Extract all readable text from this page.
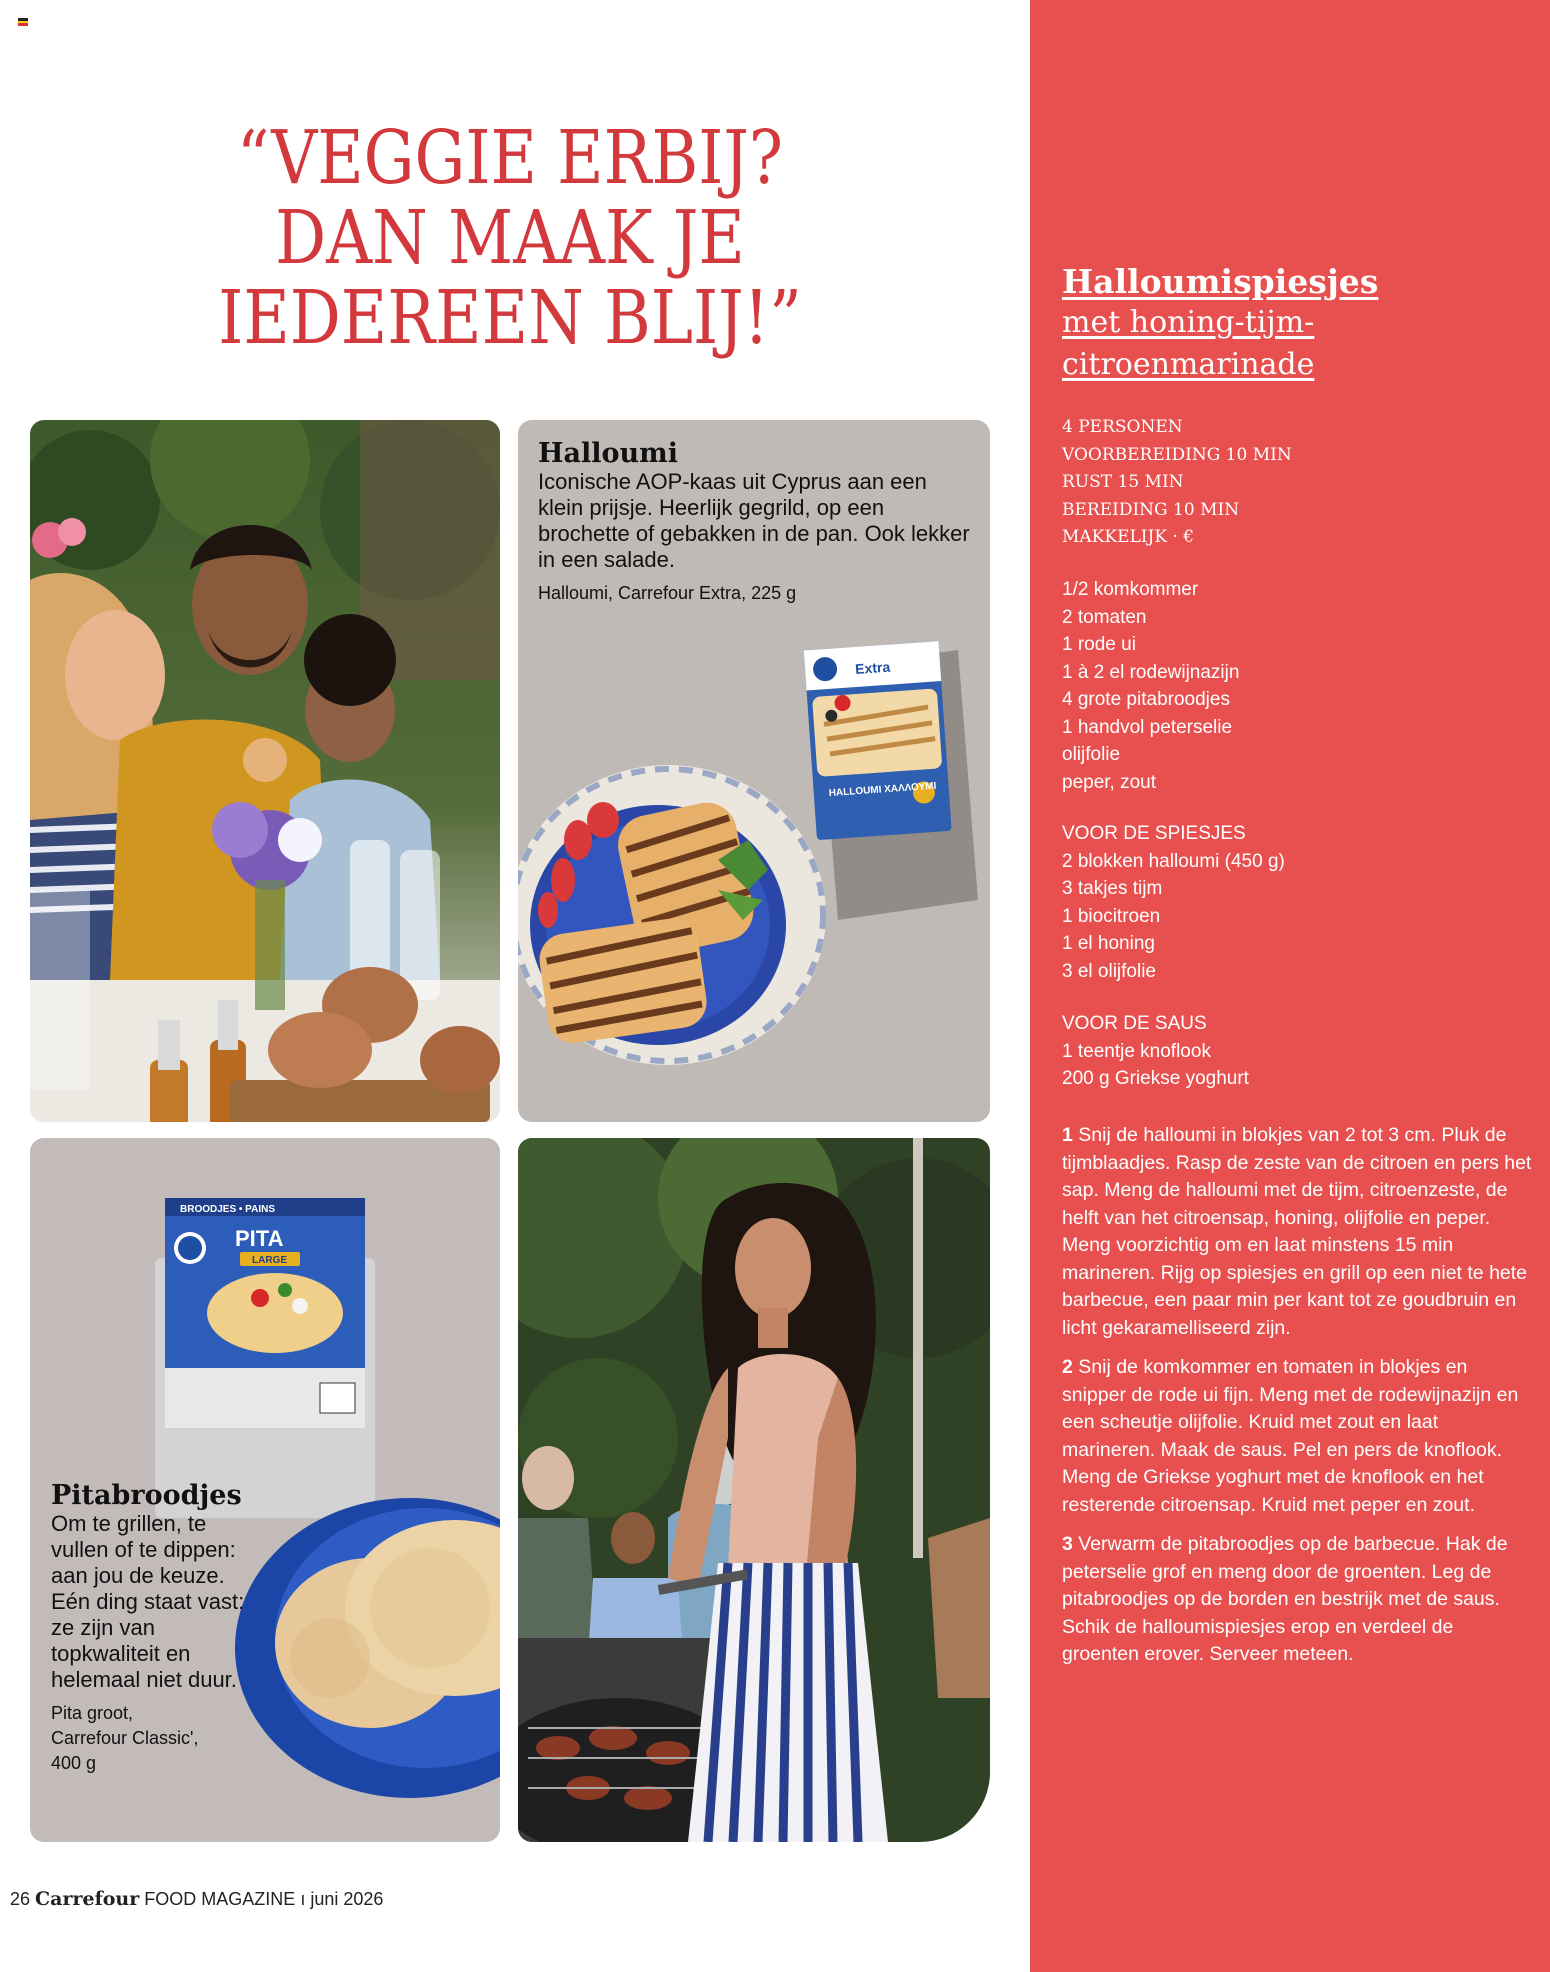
“VEGGIE ERBIJ?
DAN MAAK JE
IEDEREEN BLIJ!”
Extra
HALLOUMI ΧΑΛΛΟΥΜΙ
Halloumi
Iconische AOP-kaas uit Cyprus aan een klein prijsje. Heerlijk gegrild, op een brochette of gebakken in de pan. Ook lekker in een salade.
Halloumi, Carrefour Extra, 225 g
BROODJES • PAINS
PITA
LARGE
Pitabroodjes
Om te grillen, te vullen of te dippen: aan jou de keuze. Eén ding staat vast: ze zijn van topkwaliteit en helemaal niet duur.
Pita groot,
Carrefour Classic',
400 g
Halloumispiesjes
met honing-tijm-citroenmarinade
4 PERSONEN
VOORBEREIDING 10 MIN
RUST 15 MIN
BEREIDING 10 MIN
MAKKELIJK · €
1/2 komkommer
2 tomaten
1 rode ui
1 à 2 el rodewijnazijn
4 grote pitabroodjes
1 handvol peterselie
olijfolie
peper, zout
VOOR DE SPIESJES
2 blokken halloumi (450 g)
3 takjes tijm
1 biocitroen
1 el honing
3 el olijfolie
VOOR DE SAUS
1 teentje knoflook
200 g Griekse yoghurt

1 Snij de halloumi in blokjes van 2 tot 3 cm. Pluk de tijmblaadjes. Rasp de zeste van de citroen en pers het sap. Meng de halloumi met de tijm, citroenzeste, de helft van het citroensap, honing, olijfolie en peper. Meng voorzichtig om en laat minstens 15 min marineren. Rijg op spiesjes en grill op een niet te hete barbecue, een paar min per kant tot ze goudbruin en licht gekaramelliseerd zijn.

2 Snij de komkommer en tomaten in blokjes en snipper de rode ui fijn. Meng met de rodewijnazijn en een scheutje olijfolie. Kruid met zout en laat marineren. Maak de saus. Pel en pers de knoflook. Meng de Griekse yoghurt met de knoflook en het resterende citroensap. Kruid met peper en zout.

3 Verwarm de pitabroodjes op de barbecue. Hak de peterselie grof en meng door de groenten. Leg de pitabroodjes op de borden en bestrijk met de saus. Schik de halloumispiesjes erop en verdeel de groenten erover. Serveer meteen.

26 Carrefour FOOD MAGAZINE ı juni 2026
